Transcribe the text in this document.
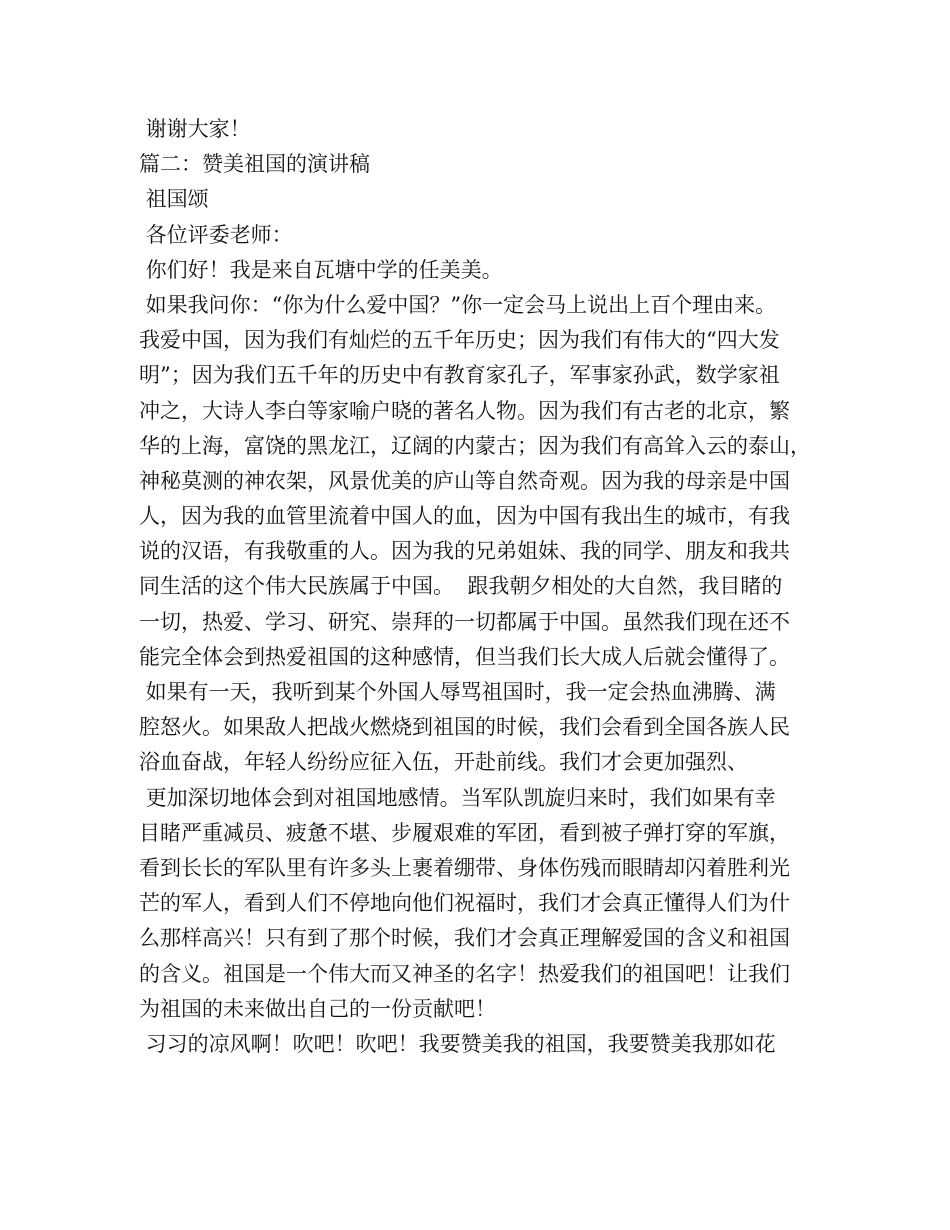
谢谢大家！
篇二：赞美祖国的演讲稿
祖国颂
各位评委老师：
你们好！我是来自瓦塘中学的任美美。
如果我问你：“你为什么爱中国？”你一定会马上说出上百个理由来。
我爱中国，因为我们有灿烂的五千年历史；因为我们有伟大的“四大发
明”；因为我们五千年的历史中有教育家孔子，军事家孙武，数学家祖
冲之，大诗人李白等家喻户晓的著名人物。因为我们有古老的北京，繁
华的上海，富饶的黑龙江，辽阔的内蒙古；因为我们有高耸入云的泰山，
神秘莫测的神农架，风景优美的庐山等自然奇观。因为我的母亲是中国
人，因为我的血管里流着中国人的血，因为中国有我出生的城市，有我
说的汉语，有我敬重的人。因为我的兄弟姐妹、我的同学、朋友和我共
同生活的这个伟大民族属于中国。  跟我朝夕相处的大自然，我目睹的
一切，热爱、学习、研究、崇拜的一切都属于中国。虽然我们现在还不
能完全体会到热爱祖国的这种感情，但当我们长大成人后就会懂得了。
如果有一天，我听到某个外国人辱骂祖国时，我一定会热血沸腾、满
腔怒火。如果敌人把战火燃烧到祖国的时候，我们会看到全国各族人民
浴血奋战，年轻人纷纷应征入伍，开赴前线。我们才会更加强烈、
更加深切地体会到对祖国地感情。当军队凯旋归来时，我们如果有幸
目睹严重减员、疲惫不堪、步履艰难的军团，看到被子弹打穿的军旗，
看到长长的军队里有许多头上裹着绷带、身体伤残而眼睛却闪着胜利光
芒的军人，看到人们不停地向他们祝福时，我们才会真正懂得人们为什
么那样高兴！只有到了那个时候，我们才会真正理解爱国的含义和祖国
的含义。祖国是一个伟大而又神圣的名字！热爱我们的祖国吧！让我们
为祖国的未来做出自己的一份贡献吧！
习习的凉风啊！吹吧！吹吧！我要赞美我的祖国，我要赞美我那如花
